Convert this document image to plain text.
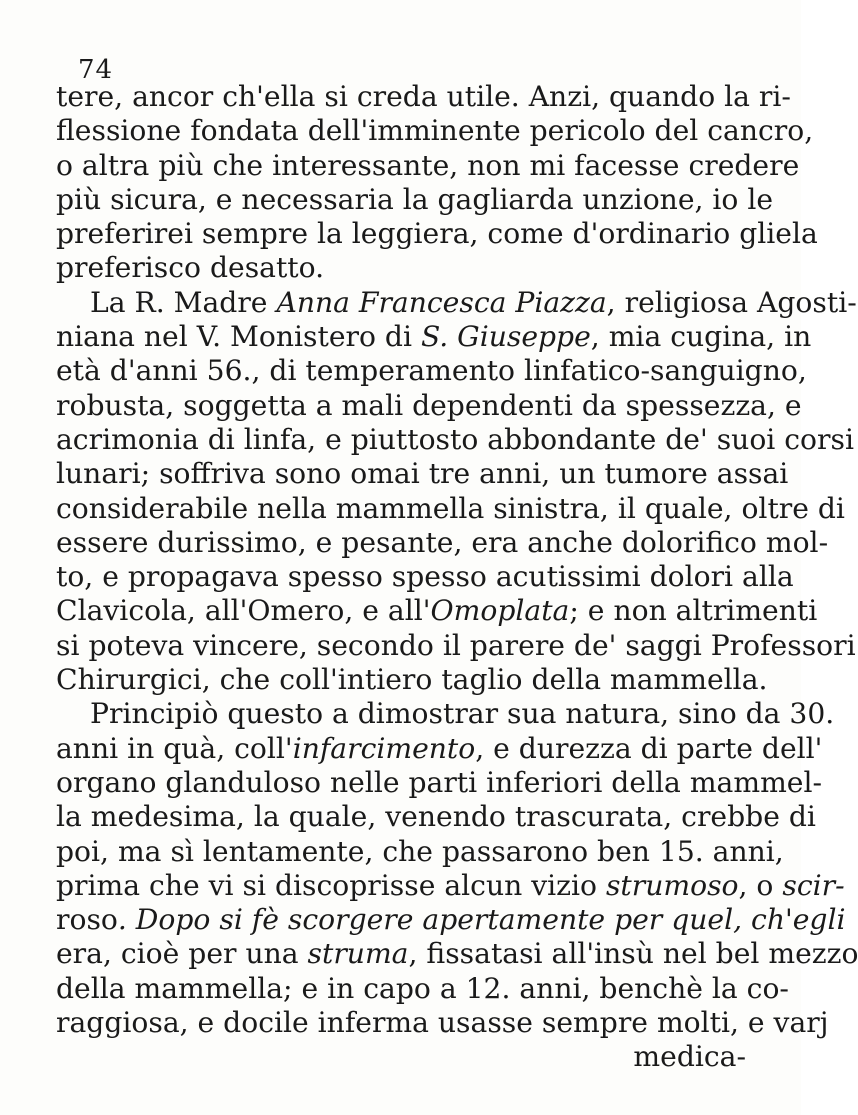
74
tere, ancor ch'ella si creda utile. Anzi, quando la ri-
flessione fondata dell'imminente pericolo del cancro,
o altra più che interessante, non mi facesse credere
più sicura, e necessaria la gagliarda unzione, io le
preferirei sempre la leggiera, come d'ordinario gliela
preferisco desatto.
La R. Madre Anna Francesca Piazza, religiosa Agosti-
niana nel V. Monistero di S. Giuseppe, mia cugina, in
età d'anni 56., di temperamento linfatico-sanguigno,
robusta, soggetta a mali dependenti da spessezza, e
acrimonia di linfa, e piuttosto abbondante de' suoi corsi
lunari; soffriva sono omai tre anni, un tumore assai
considerabile nella mammella sinistra, il quale, oltre di
essere durissimo, e pesante, era anche dolorifico mol-
to, e propagava spesso spesso acutissimi dolori alla
Clavicola, all'Omero, e all'Omoplata; e non altrimenti
si poteva vincere, secondo il parere de' saggi Professori
Chirurgici, che coll'intiero taglio della mammella.
Principiò questo a dimostrar sua natura, sino da 30.
anni in quà, coll'infarcimento, e durezza di parte dell'
organo glanduloso nelle parti inferiori della mammel-
la medesima, la quale, venendo trascurata, crebbe di
poi, ma sì lentamente, che passarono ben 15. anni,
prima che vi si discoprisse alcun vizio strumoso, o scir-
roso. Dopo si fè scorgere apertamente per quel, ch'egli
era, cioè per una struma, fissatasi all'insù nel bel mezzo
della mammella; e in capo a 12. anni, benchè la co-
raggiosa, e docile inferma usasse sempre molti, e varj
medica-
